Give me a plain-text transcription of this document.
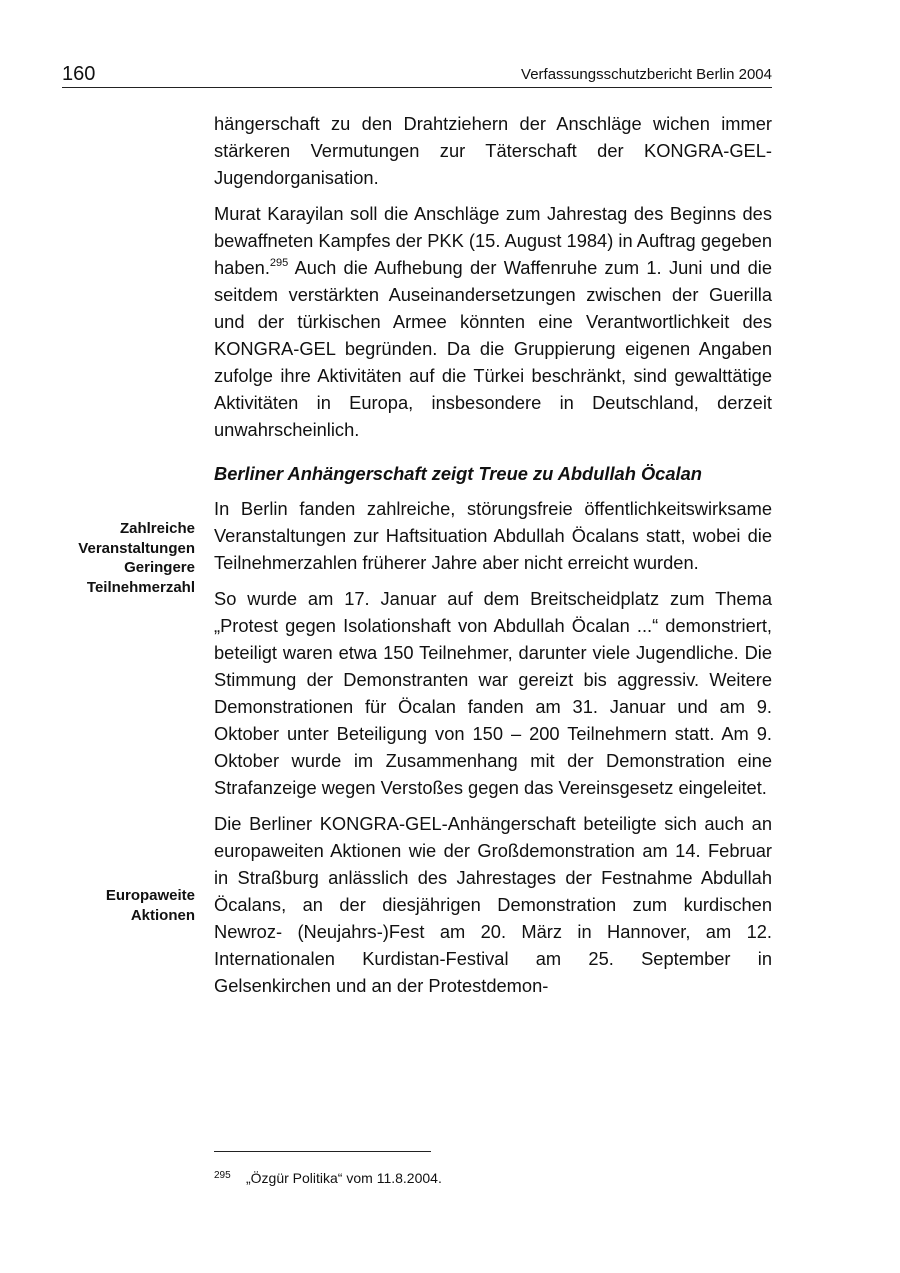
160	Verfassungsschutzbericht Berlin 2004
Zahlreiche
Veranstaltungen
Geringere
Teilnehmerzahl
Europaweite
Aktionen

hängerschaft zu den Drahtziehern der Anschläge wichen immer stärkeren Vermutungen zur Täterschaft der KONGRA-GEL-Jugendorganisation.

Murat Karayilan soll die Anschläge zum Jahrestag des Beginns des bewaffneten Kampfes der PKK (15. August 1984) in Auftrag gegeben haben.$^{295}$ Auch die Aufhebung der Waffenruhe zum 1. Juni und die seitdem verstärkten Auseinandersetzungen zwischen der Guerilla und der türkischen Armee könnten eine Verantwortlichkeit des KONGRA-GEL begründen. Da die Gruppierung eigenen Angaben zufolge ihre Aktivitäten auf die Türkei beschränkt, sind gewalttätige Aktivitäten in Europa, insbesondere in Deutschland, derzeit unwahrscheinlich.

Berliner Anhängerschaft zeigt Treue zu Abdullah Öcalan

In Berlin fanden zahlreiche, störungsfreie öffentlichkeitswirksame Veranstaltungen zur Haftsituation Abdullah Öcalans statt, wobei die Teilnehmerzahlen früherer Jahre aber nicht erreicht wurden.

So wurde am 17. Januar auf dem Breitscheidplatz zum Thema „Protest gegen Isolationshaft von Abdullah Öcalan ...“ demonstriert, beteiligt waren etwa 150 Teilnehmer, darunter viele Jugendliche. Die Stimmung der Demonstranten war gereizt bis aggressiv. Weitere Demonstrationen für Öcalan fanden am 31. Januar und am 9. Oktober unter Beteiligung von 150 – 200 Teilnehmern statt. Am 9. Oktober wurde im Zusammenhang mit der Demonstration eine Strafanzeige wegen Verstoßes gegen das Vereinsgesetz eingeleitet.

Die Berliner KONGRA-GEL-Anhängerschaft beteiligte sich auch an europaweiten Aktionen wie der Großdemonstration am 14. Februar in Straßburg anlässlich des Jahrestages der Festnahme Abdullah Öcalans, an der diesjährigen Demonstration zum kurdischen Newroz- (Neujahrs-)Fest am 20. März in Hannover, am 12. Internationalen Kurdistan-Festival am 25. September in Gelsenkirchen und an der Protestdemon-

295 „Özgür Politika“ vom 11.8.2004.
